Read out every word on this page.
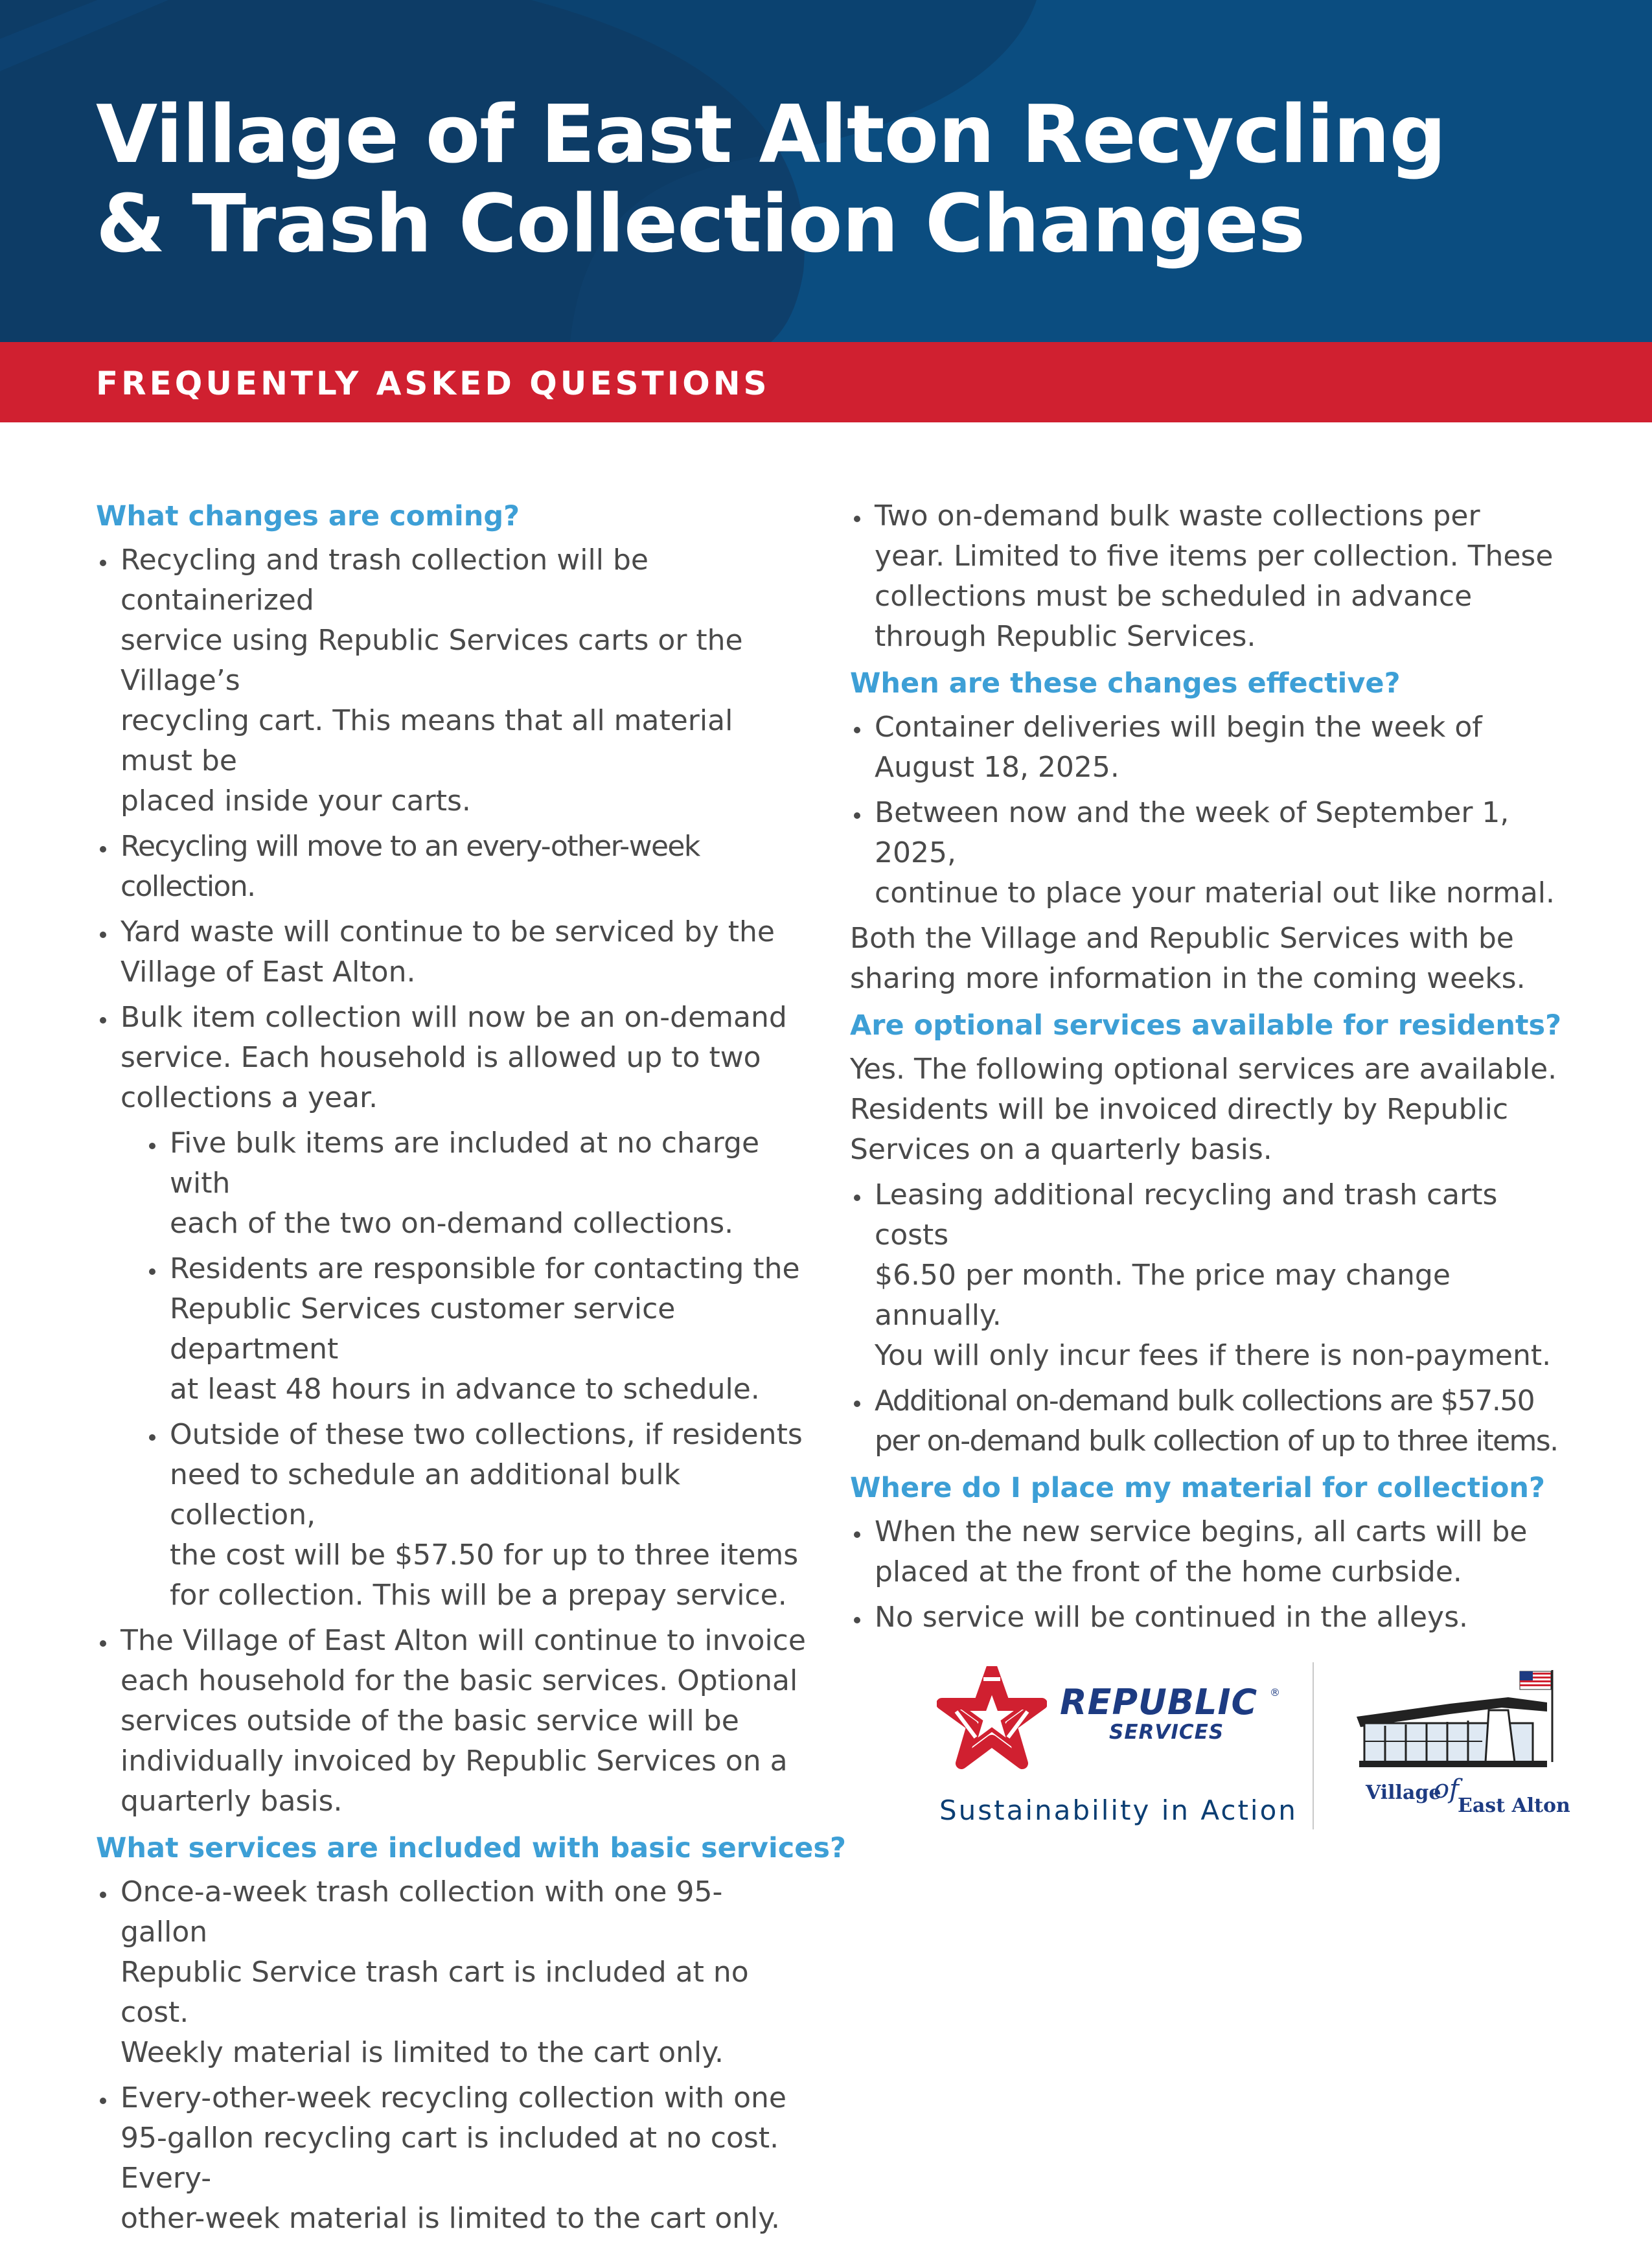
Village of East Alton Recycling
& Trash Collection Changes
FREQUENTLY ASKED QUESTIONS
What changes are coming?
Recycling and trash collection will be containerized
service using Republic Services carts or the Village’s
recycling cart. This means that all material must be
placed inside your carts.
Recycling will move to an every-other-week collection.
Yard waste will continue to be serviced by the
Village of East Alton.
Bulk item collection will now be an on-demand
service. Each household is allowed up to two
collections a year.
Five bulk items are included at no charge with
each of the two on-demand collections.
Residents are responsible for contacting the
Republic Services customer service department
at least 48 hours in advance to schedule.
Outside of these two collections, if residents
need to schedule an additional bulk collection,
the cost will be $57.50 for up to three items
for collection. This will be a prepay service.
The Village of East Alton will continue to invoice
each household for the basic services. Optional
services outside of the basic service will be
individually invoiced by Republic Services on a
quarterly basis.
What services are included with basic services?
Once-a-week trash collection with one 95-gallon
Republic Service trash cart is included at no cost.
Weekly material is limited to the cart only.
Every-other-week recycling collection with one
95-gallon recycling cart is included at no cost. Every-
other-week material is limited to the cart only.
Two on-demand bulk waste collections per
year. Limited to five items per collection. These
collections must be scheduled in advance
through Republic Services.
When are these changes effective?
Container deliveries will begin the week of
August 18, 2025.
Between now and the week of September 1, 2025,
continue to place your material out like normal.
Both the Village and Republic Services with be
sharing more information in the coming weeks.
Are optional services available for residents?
Yes. The following optional services are available.
Residents will be invoiced directly by Republic
Services on a quarterly basis.
Leasing additional recycling and trash carts costs
$6.50 per month. The price may change annually.
You will only incur fees if there is non-payment.
Additional on-demand bulk collections are $57.50
per on-demand bulk collection of up to three items.
Where do I place my material for collection?
When the new service begins, all carts will be
placed at the front of the home curbside.
No service will be continued in the alleys.
REPUBLIC ®
SERVICES
Sustainability in Action
Village
of
East Alton
